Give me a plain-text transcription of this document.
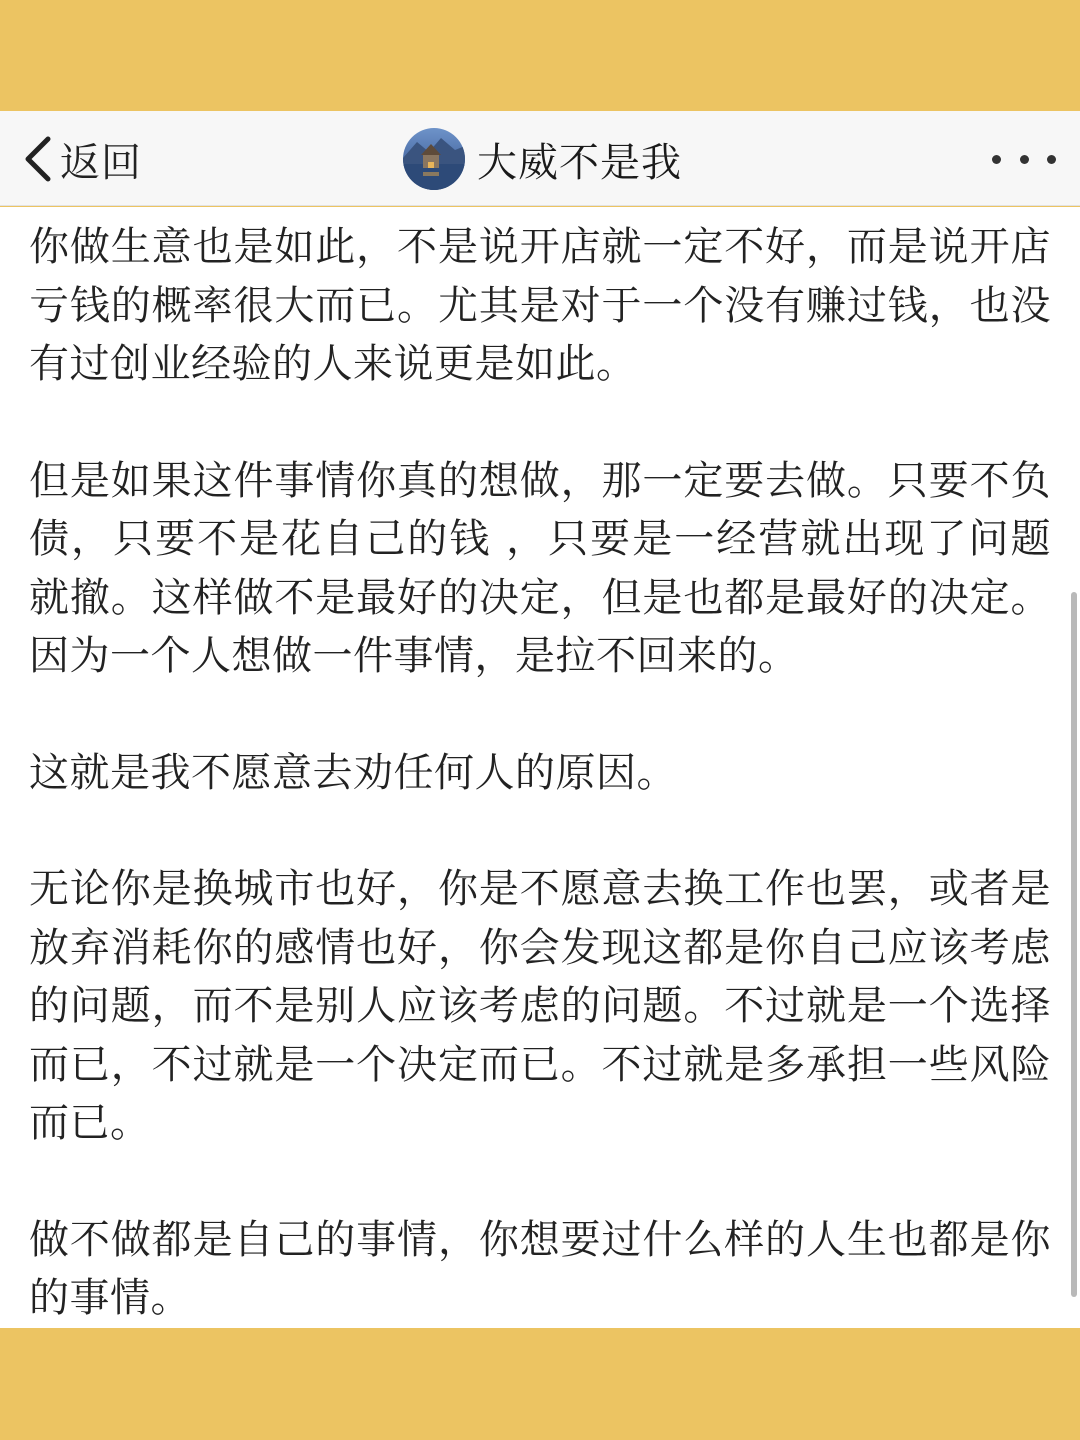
返回	大威不是我

你做生意也是如此，不是说开店就一定不好，而是说开店亏钱的概率很大而已。尤其是对于一个没有赚过钱，也没有过创业经验的人来说更是如此。

但是如果这件事情你真的想做，那一定要去做。只要不负债，只要不是花自己的钱 ，只要是一经营就出现了问题就撤。这样做不是最好的决定，但是也都是最好的决定。因为一个人想做一件事情，是拉不回来的。

这就是我不愿意去劝任何人的原因。

无论你是换城市也好，你是不愿意去换工作也罢，或者是放弃消耗你的感情也好，你会发现这都是你自己应该考虑的问题，而不是别人应该考虑的问题。不过就是一个选择而已，不过就是一个决定而已。不过就是多承担一些风险而已。

做不做都是自己的事情，你想要过什么样的人生也都是你的事情。
